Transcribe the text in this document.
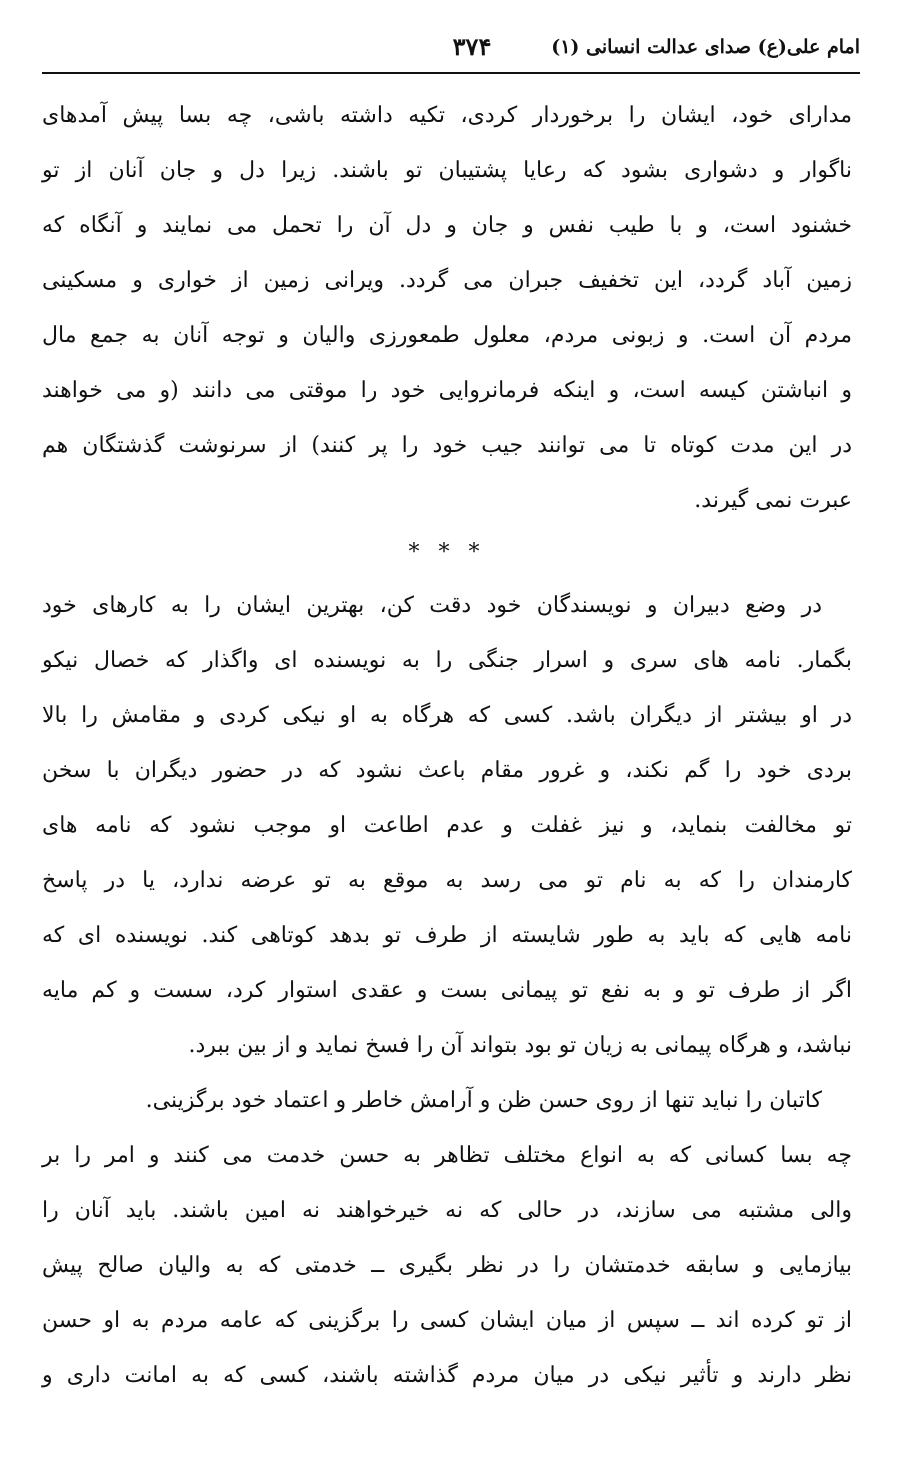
امام علی(ع) صدای عدالت انسانی (۱)
۳۷۴
مدارای خود، ایشان را برخوردار کردی، تکیه داشته باشی، چه بسا پیش آمدهای
ناگوار و دشواری بشود که رعایا پشتیبان تو باشند. زیرا دل و جان آنان از تو
خشنود است، و با طیب نفس و جان و دل آن را تحمل می نمایند و آنگاه که
زمین آباد گردد، این تخفیف جبران می گردد. ویرانی زمین از خواری و مسکینی
مردم آن است. و زبونی مردم، معلول طمعورزی والیان و توجه آنان به جمع مال
و انباشتن کیسه است، و اینکه فرمانروایی خود را موقتی می دانند (و می خواهند
در این مدت کوتاه تا می توانند جیب خود را پر کنند) از سرنوشت گذشتگان هم
عبرت نمی گیرند.
* * *
در وضع دبیران و نویسندگان خود دقت کن، بهترین ایشان را به کارهای خود
بگمار. نامه های سری و اسرار جنگی را به نویسنده ای واگذار که خصال نیکو
در او بیشتر از دیگران باشد. کسی که هرگاه به او نیکی کردی و مقامش را بالا
بردی خود را گم نکند، و غرور مقام باعث نشود که در حضور دیگران با سخن
تو مخالفت بنماید، و نیز غفلت و عدم اطاعت او موجب نشود که نامه های
کارمندان را که به نام تو می رسد به موقع به تو عرضه ندارد، یا در پاسخ
نامه هایی که باید به طور شایسته از طرف تو بدهد کوتاهی کند. نویسنده ای که
اگر از طرف تو و به نفع تو پیمانی بست و عقدی استوار کرد، سست و کم مایه
نباشد، و هرگاه پیمانی به زیان تو بود بتواند آن را فسخ نماید و از بین ببرد.
کاتبان را نباید تنها از روی حسن ظن و آرامش خاطر و اعتماد خود برگزینی.
چه بسا کسانی که به انواع مختلف تظاهر به حسن خدمت می کنند و امر را بر
والی مشتبه می سازند، در حالی که نه خیرخواهند نه امین باشند. باید آنان را
بیازمایی و سابقه خدمتشان را در نظر بگیری ــ خدمتی که به والیان صالح پیش
از تو کرده اند ــ سپس از میان ایشان کسی را برگزینی که عامه مردم به او حسن
نظر دارند و تأثیر نیکی در میان مردم گذاشته باشند، کسی که به امانت داری و
